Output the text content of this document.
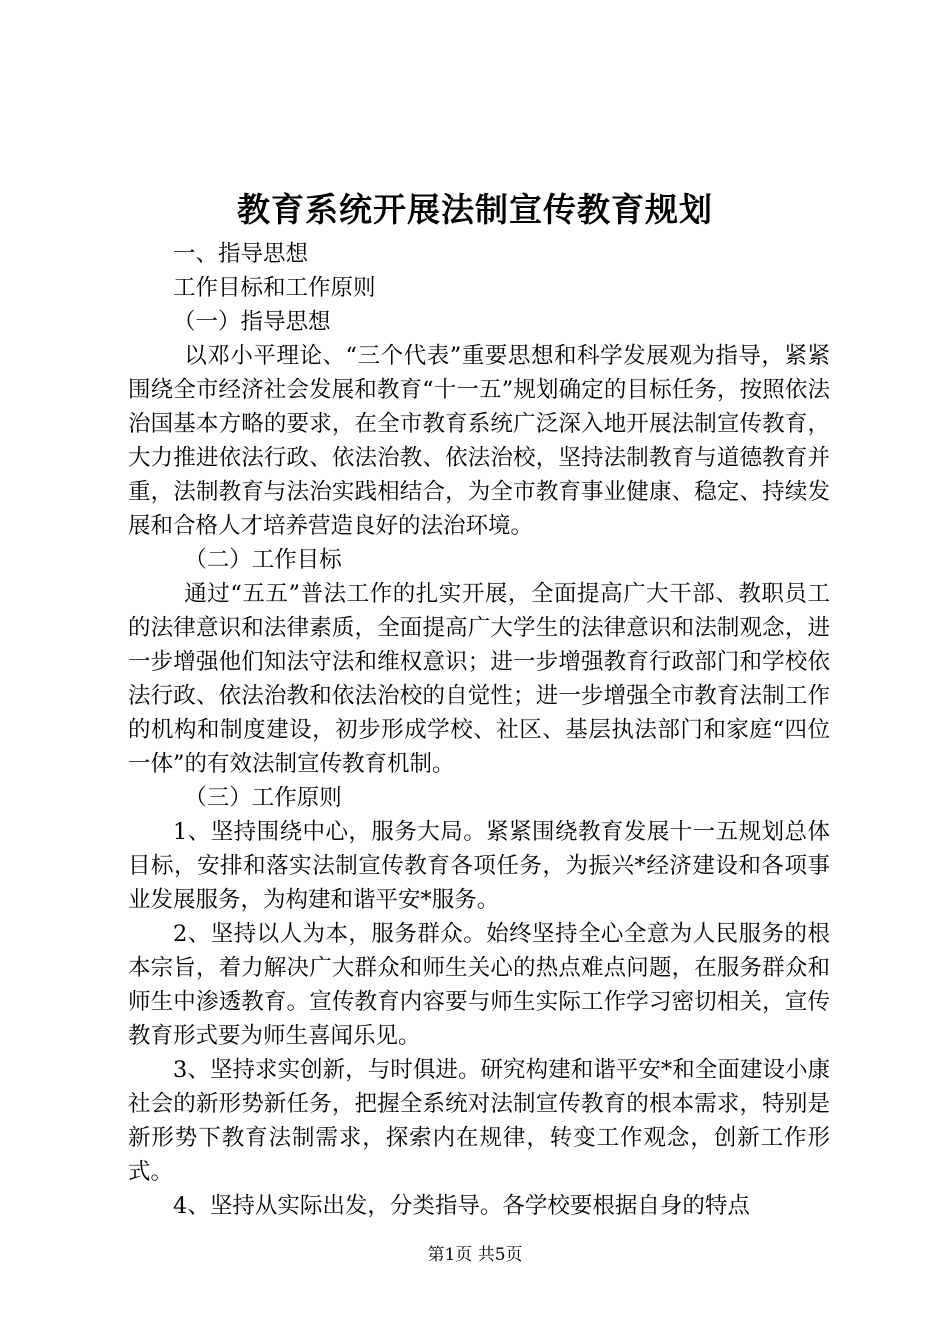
教育系统开展法制宣传教育规划

一、指导思想

工作目标和工作原则

（一）指导思想

以邓小平理论、“三个代表”重要思想和科学发展观为指导，紧紧围绕全市经济社会发展和教育“十一五”规划确定的目标任务，按照依法治国基本方略的要求，在全市教育系统广泛深入地开展法制宣传教育，大力推进依法行政、依法治教、依法治校，坚持法制教育与道德教育并重，法制教育与法治实践相结合，为全市教育事业健康、稳定、持续发展和合格人才培养营造良好的法治环境。

（二）工作目标

通过“五五”普法工作的扎实开展，全面提高广大干部、教职员工的法律意识和法律素质，全面提高广大学生的法律意识和法制观念，进一步增强他们知法守法和维权意识；进一步增强教育行政部门和学校依法行政、依法治教和依法治校的自觉性；进一步增强全市教育法制工作的机构和制度建设，初步形成学校、社区、基层执法部门和家庭“四位一体”的有效法制宣传教育机制。

（三）工作原则

1、坚持围绕中心，服务大局。紧紧围绕教育发展十一五规划总体目标，安排和落实法制宣传教育各项任务，为振兴*经济建设和各项事业发展服务，为构建和谐平安*服务。

2、坚持以人为本，服务群众。始终坚持全心全意为人民服务的根本宗旨，着力解决广大群众和师生关心的热点难点问题，在服务群众和师生中渗透教育。宣传教育内容要与师生实际工作学习密切相关，宣传教育形式要为师生喜闻乐见。

3、坚持求实创新，与时俱进。研究构建和谐平安*和全面建设小康社会的新形势新任务，把握全系统对法制宣传教育的根本需求，特别是新形势下教育法制需求，探索内在规律，转变工作观念，创新工作形式。

4、坚持从实际出发，分类指导。各学校要根据自身的特点

第1页 共5页
